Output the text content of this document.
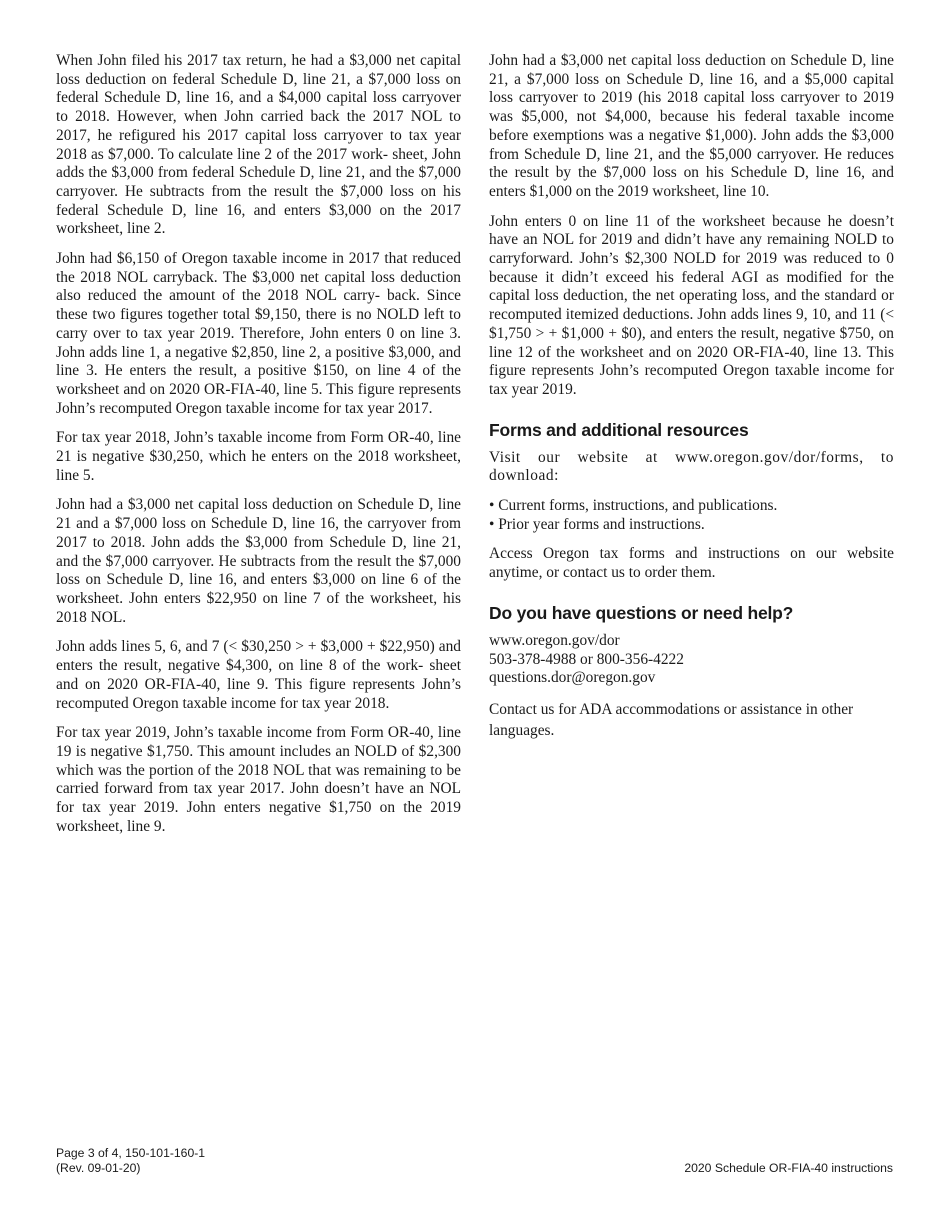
When John filed his 2017 tax return, he had a $3,000 net capital loss deduction on federal Schedule D, line 21, a $7,000 loss on federal Schedule D, line 16, and a $4,000 capital loss carryover to 2018. However, when John carried back the 2017 NOL to 2017, he refigured his 2017 capital loss carryover to tax year 2018 as $7,000. To calculate line 2 of the 2017 work- sheet, John adds the $3,000 from federal Schedule D, line 21, and the $7,000 carryover. He subtracts from the result the $7,000 loss on his federal Schedule D, line 16, and enters $3,000 on the 2017 worksheet, line 2.

John had $6,150 of Oregon taxable income in 2017 that reduced the 2018 NOL carryback. The $3,000 net capital loss deduction also reduced the amount of the 2018 NOL carry- back. Since these two figures together total $9,150, there is no NOLD left to carry over to tax year 2019. Therefore, John enters 0 on line 3. John adds line 1, a negative $2,850, line 2, a positive $3,000, and line 3. He enters the result, a positive $150, on line 4 of the worksheet and on 2020 OR-FIA-40, line 5. This figure represents John’s recomputed Oregon taxable income for tax year 2017.

For tax year 2018, John’s taxable income from Form OR-40, line 21 is negative $30,250, which he enters on the 2018 worksheet, line 5.

John had a $3,000 net capital loss deduction on Schedule D, line 21 and a $7,000 loss on Schedule D, line 16, the carryover from 2017 to 2018. John adds the $3,000 from Schedule D, line 21, and the $7,000 carryover. He subtracts from the result the $7,000 loss on Schedule D, line 16, and enters $3,000 on line 6 of the worksheet. John enters $22,950 on line 7 of the worksheet, his 2018 NOL.

John adds lines 5, 6, and 7 (< $30,250 > + $3,000 + $22,950) and enters the result, negative $4,300, on line 8 of the work- sheet and on 2020 OR-FIA-40, line 9. This figure represents John’s recomputed Oregon taxable income for tax year 2018.

For tax year 2019, John’s taxable income from Form OR-40, line 19 is negative $1,750. This amount includes an NOLD of $2,300 which was the portion of the 2018 NOL that was remaining to be carried forward from tax year 2017. John doesn’t have an NOL for tax year 2019. John enters negative $1,750 on the 2019 worksheet, line 9.

John had a $3,000 net capital loss deduction on Schedule D, line 21, a $7,000 loss on Schedule D, line 16, and a $5,000 capital loss carryover to 2019 (his 2018 capital loss carryover to 2019 was $5,000, not $4,000, because his federal taxable income before exemptions was a negative $1,000). John adds the $3,000 from Schedule D, line 21, and the $5,000 carryover. He reduces the result by the $7,000 loss on his Schedule D, line 16, and enters $1,000 on the 2019 worksheet, line 10.

John enters 0 on line 11 of the worksheet because he doesn’t have an NOL for 2019 and didn’t have any remaining NOLD to carryforward. John’s $2,300 NOLD for 2019 was reduced to 0 because it didn’t exceed his federal AGI as modified for the capital loss deduction, the net operating loss, and the standard or recomputed itemized deductions. John adds lines 9, 10, and 11 (< $1,750 > + $1,000 + $0), and enters the result, negative $750, on line 12 of the worksheet and on 2020 OR-FIA-40, line 13. This figure represents John’s recomputed Oregon taxable income for tax year 2019.

Forms and additional resources

Visit our website at www.oregon.gov/dor/forms, to download:

• Current forms, instructions, and publications.
• Prior year forms and instructions.

Access Oregon tax forms and instructions on our website anytime, or contact us to order them.

Do you have questions or need help?
www.oregon.gov/dor
503-378-4988 or 800-356-4222
questions.dor@oregon.gov

Contact us for ADA accommodations or assistance in other languages.

Page 3 of 4, 150-101-160-1
(Rev. 09-01-20)	2020 Schedule OR-FIA-40 instructions
